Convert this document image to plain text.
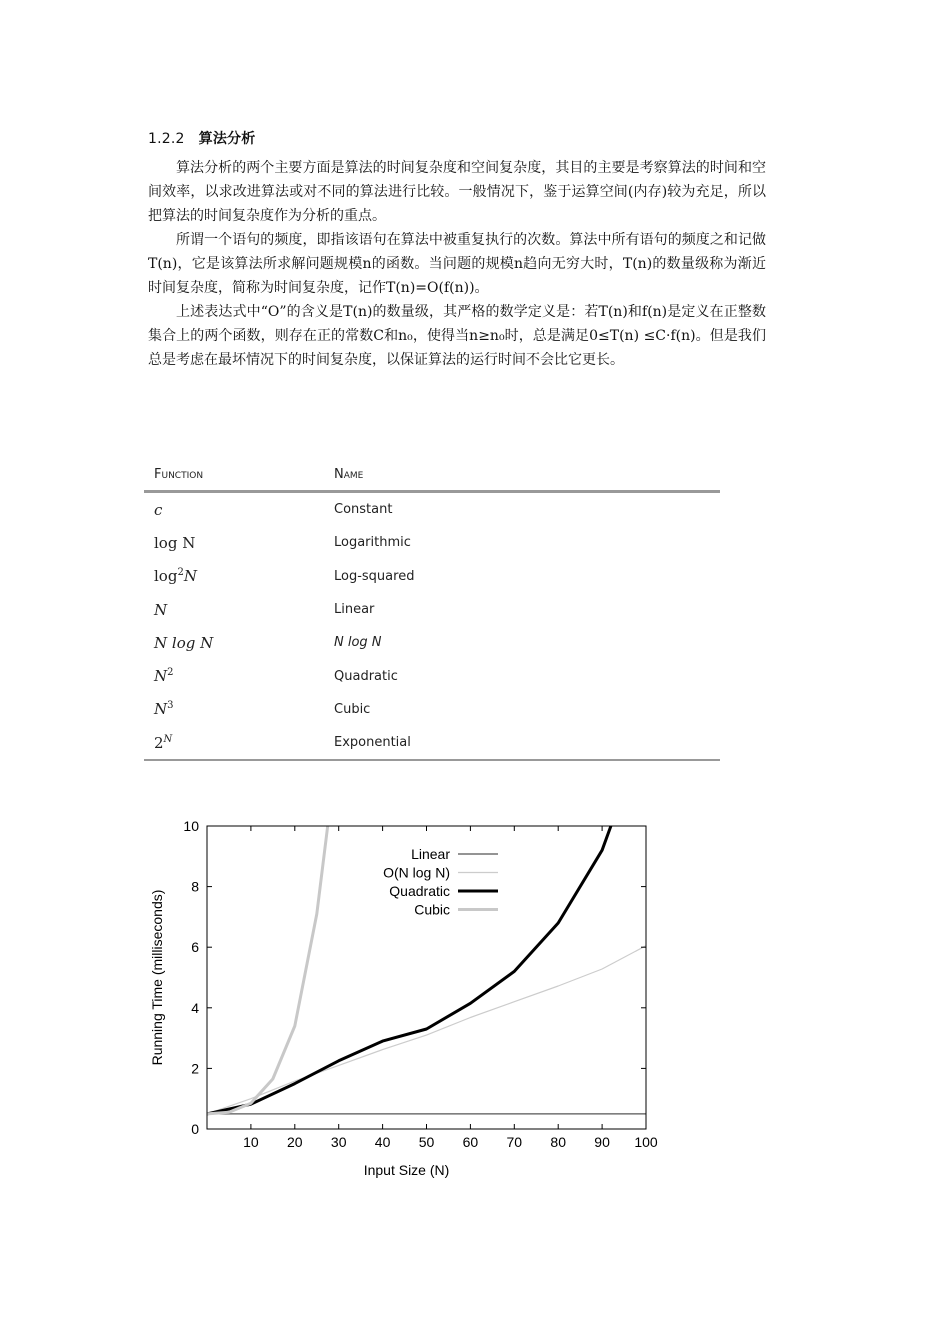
1.2.2 算法分析

算法分析的两个主要方面是算法的时间复杂度和空间复杂度，其目的主要是考察算法的时间和空间效率，以求改进算法或对不同的算法进行比较。一般情况下，鉴于运算空间(内存)较为充足，所以把算法的时间复杂度作为分析的重点。

所谓一个语句的频度，即指该语句在算法中被重复执行的次数。算法中所有语句的频度之和记做T(n)，它是该算法所求解问题规模n的函数。当问题的规模n趋向无穷大时，T(n)的数量级称为渐近时间复杂度，简称为时间复杂度，记作T(n)=O(f(n))。

上述表达式中“O”的含义是T(n)的数量级，其严格的数学定义是：若T(n)和f(n)是定义在正整数集合上的两个函数，则存在正的常数C和n₀，使得当n≥n₀时，总是满足0≤T(n) ≤C·f(n)。但是我们总是考虑在最坏情况下的时间复杂度，以保证算法的运行时间不会比它更长。

Function	Name
c	Constant
log N	Logarithmic
$\log^2N$	Log-squared
N	Linear
N log N	N log N
$N^2$	Quadratic
$N^3$	Cubic
$2^N$	Exponential
10 20 30 40 50 60 70 80 90 100
0
2
4
6
8
10
Input Size (N)
Running Time (milliseconds)
Linear
O(N log N)
Quadratic
Cubic
